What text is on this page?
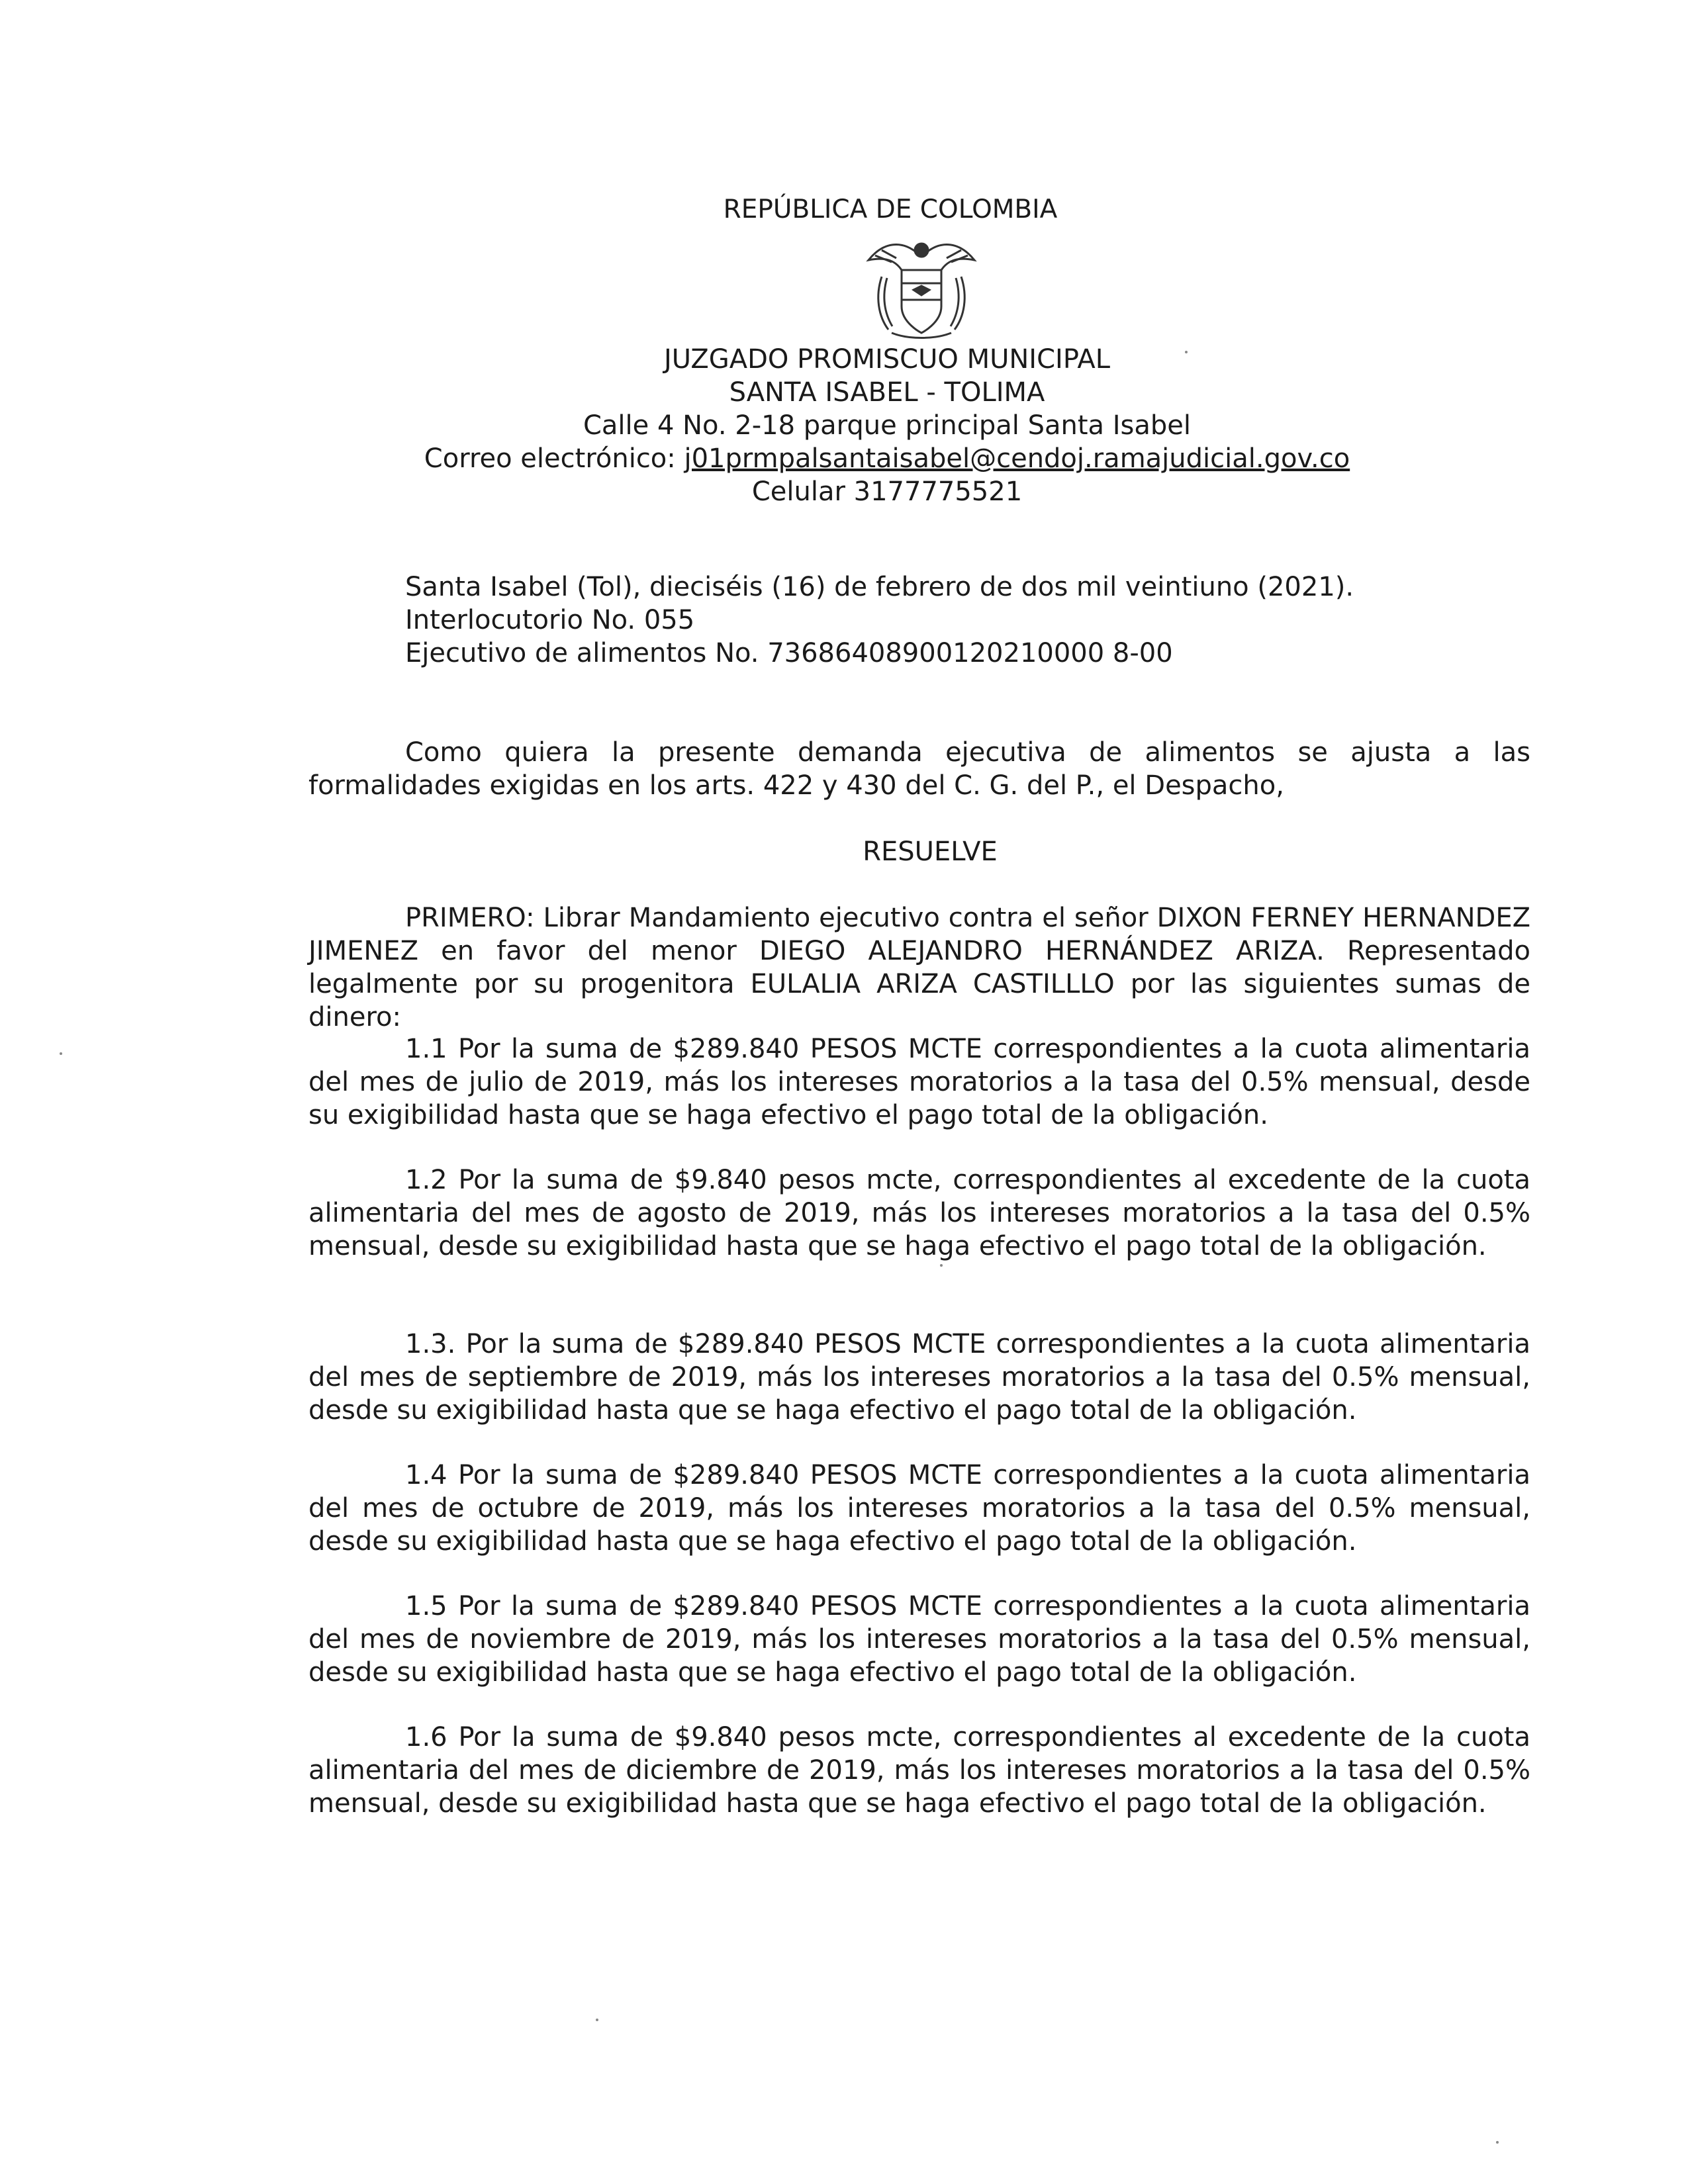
REPÚBLICA DE COLOMBIA
JUZGADO PROMISCUO MUNICIPAL
SANTA ISABEL - TOLIMA
Calle 4 No. 2-18 parque principal Santa Isabel
Correo electrónico: j01prmpalsantaisabel@cendoj.ramajudicial.gov.co
Celular 3177775521
Santa Isabel (Tol), dieciséis (16) de febrero de dos mil veintiuno (2021).
Interlocutorio No. 055
Ejecutivo de alimentos No. 73686408900120210000 8-00

Como quiera la presente demanda ejecutiva de alimentos se ajusta a las formalidades exigidas en los arts. 422 y 430 del C. G. del P., el Despacho,

RESUELVE

PRIMERO: Librar Mandamiento ejecutivo contra el señor DIXON FERNEY HERNANDEZ JIMENEZ en favor del menor DIEGO ALEJANDRO HERNÁNDEZ ARIZA. Representado legalmente por su progenitora EULALIA ARIZA CASTILLLO por las siguientes sumas de dinero:

1.1 Por la suma de $289.840 PESOS MCTE correspondientes a la cuota alimentaria del mes de julio de 2019, más los intereses moratorios a la tasa del 0.5% mensual, desde su exigibilidad hasta que se haga efectivo el pago total de la obligación.

1.2 Por la suma de $9.840 pesos mcte, correspondientes al excedente de la cuota alimentaria del mes de agosto de 2019, más los intereses moratorios a la tasa del 0.5% mensual, desde su exigibilidad hasta que se haga efectivo el pago total de la obligación.

1.3. Por la suma de $289.840 PESOS MCTE correspondientes a la cuota alimentaria del mes de septiembre de 2019, más los intereses moratorios a la tasa del 0.5% mensual, desde su exigibilidad hasta que se haga efectivo el pago total de la obligación.

1.4 Por la suma de $289.840 PESOS MCTE correspondientes a la cuota alimentaria del mes de octubre de 2019, más los intereses moratorios a la tasa del 0.5% mensual, desde su exigibilidad hasta que se haga efectivo el pago total de la obligación.

1.5 Por la suma de $289.840 PESOS MCTE correspondientes a la cuota alimentaria del mes de noviembre de 2019, más los intereses moratorios a la tasa del 0.5% mensual, desde su exigibilidad hasta que se haga efectivo el pago total de la obligación.

1.6 Por la suma de $9.840 pesos mcte, correspondientes al excedente de la cuota alimentaria del mes de diciembre de 2019, más los intereses moratorios a la tasa del 0.5% mensual, desde su exigibilidad hasta que se haga efectivo el pago total de la obligación.
